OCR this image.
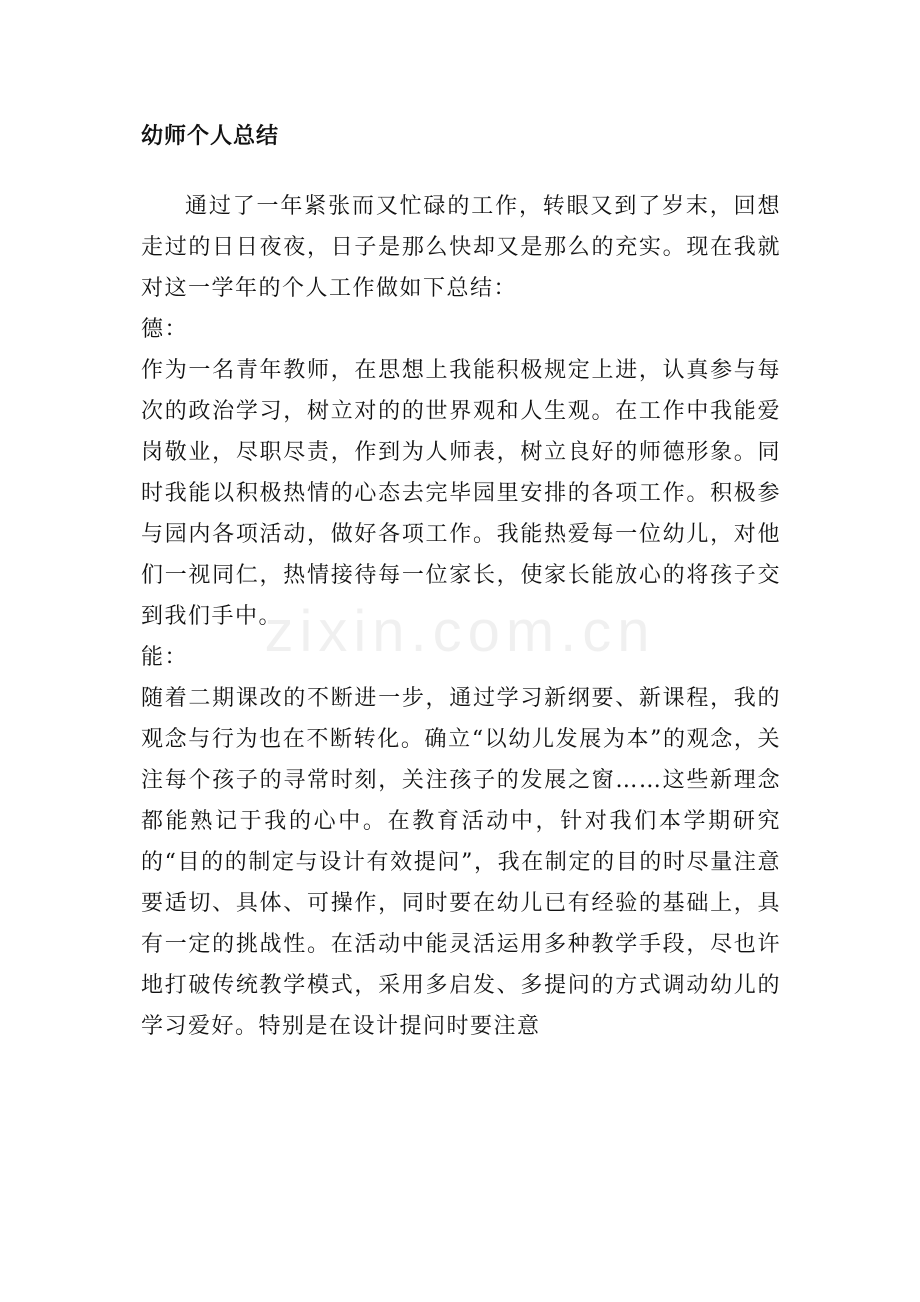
幼师个人总结

通过了一年紧张而又忙碌的工作，转眼又到了岁末，回想走过的日日夜夜，日子是那么快却又是那么的充实。现在我就对这一学年的个人工作做如下总结：

德：

作为一名青年教师，在思想上我能积极规定上进，认真参与每次的政治学习，树立对的的世界观和人生观。在工作中我能爱岗敬业，尽职尽责，作到为人师表，树立良好的师德形象。同时我能以积极热情的心态去完毕园里安排的各项工作。积极参与园内各项活动，做好各项工作。我能热爱每一位幼儿，对他们一视同仁，热情接待每一位家长，使家长能放心的将孩子交到我们手中。

能：

随着二期课改的不断进一步，通过学习新纲要、新课程，我的观念与行为也在不断转化。确立“以幼儿发展为本”的观念，关注每个孩子的寻常时刻，关注孩子的发展之窗……这些新理念都能熟记于我的心中。在教育活动中，针对我们本学期研究的“目的的制定与设计有效提问”，我在制定的目的时尽量注意要适切、具体、可操作，同时要在幼儿已有经验的基础上，具有一定的挑战性。在活动中能灵活运用多种教学手段，尽也许地打破传统教学模式，采用多启发、多提问的方式调动幼儿的学习爱好。特别是在设计提问时要注意

zixin.com.cn
